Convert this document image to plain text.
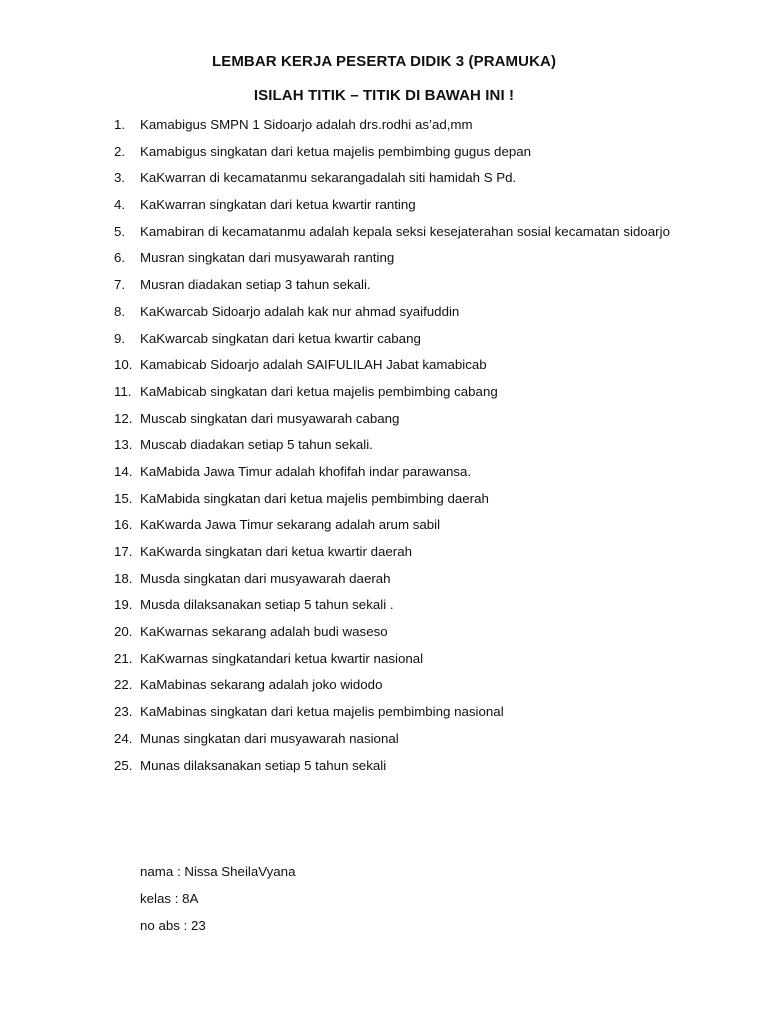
LEMBAR KERJA PESERTA DIDIK 3 (PRAMUKA)
ISILAH TITIK – TITIK DI BAWAH INI !
1. Kamabigus SMPN 1 Sidoarjo adalah drs.rodhi as’ad,mm
2. Kamabigus singkatan dari ketua majelis pembimbing gugus depan
3. KaKwarran di kecamatanmu sekarangadalah siti hamidah S Pd.
4. KaKwarran singkatan dari ketua kwartir ranting
5. Kamabiran di kecamatanmu adalah kepala seksi kesejaterahan sosial kecamatan sidoarjo
6. Musran singkatan dari musyawarah ranting
7. Musran diadakan setiap 3 tahun sekali.
8. KaKwarcab Sidoarjo adalah kak nur ahmad syaifuddin
9. KaKwarcab singkatan dari ketua kwartir cabang
10. Kamabicab Sidoarjo adalah SAIFULILAH Jabat kamabicab
11. KaMabicab singkatan dari ketua majelis pembimbing cabang
12. Muscab singkatan dari musyawarah cabang
13. Muscab diadakan setiap 5 tahun sekali.
14. KaMabida Jawa Timur adalah khofifah indar parawansa.
15. KaMabida singkatan dari ketua majelis pembimbing daerah
16. KaKwarda Jawa Timur sekarang adalah arum sabil
17. KaKwarda singkatan dari ketua kwartir daerah
18. Musda singkatan dari musyawarah daerah
19. Musda dilaksanakan setiap 5 tahun sekali .
20. KaKwarnas sekarang adalah budi waseso
21. KaKwarnas singkatandari ketua kwartir nasional
22. KaMabinas sekarang adalah joko widodo
23. KaMabinas singkatan dari ketua majelis pembimbing nasional
24. Munas singkatan dari musyawarah nasional
25. Munas dilaksanakan setiap 5 tahun sekali
nama : Nissa SheilaVyana
kelas : 8A
no abs : 23
